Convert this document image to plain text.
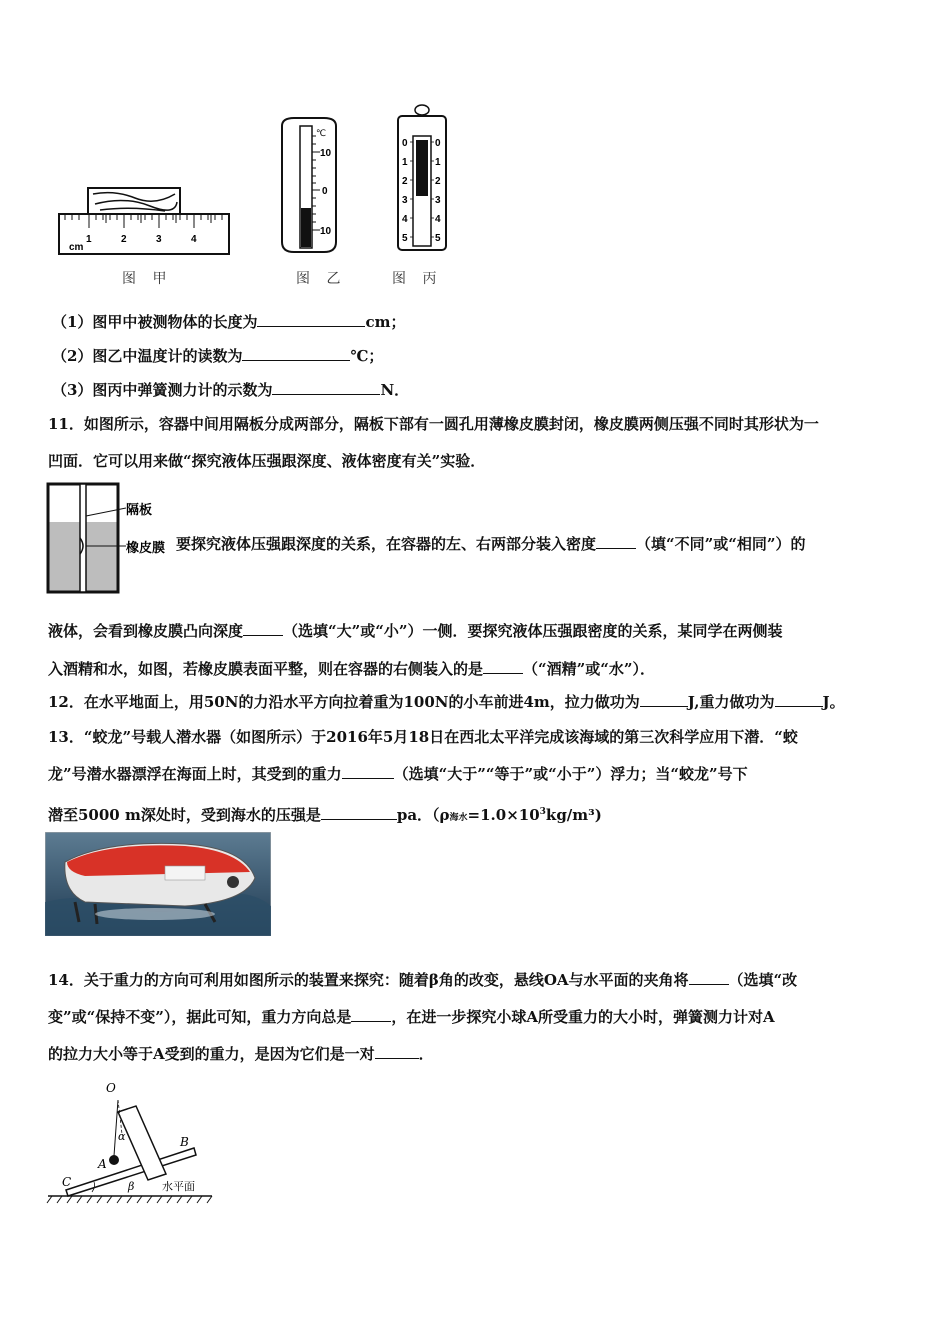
cm
1	2	3	4
图 甲
℃
10
0
10
图 乙
0
1
2
3
4
5
0
1
2
3
4
5
图 丙
（1）图甲中被测物体的长度为	cm；
（2）图乙中温度计的读数为	℃；
（3）图丙中弹簧测力计的示数为	N．
11．如图所示，容器中间用隔板分成两部分，隔板下部有一圆孔用薄橡皮膜封闭，橡皮膜两侧压强不同时其形状为一
凹面．它可以用来做“探究液体压强跟深度、液体密度有关”实验．
隔板
橡皮膜 要探究液体压强跟深度的关系，在容器的左、右两部分装入密度	（填“不同”或“相同”）的
液体，会看到橡皮膜凸向深度	（选填“大”或“小”）一侧．要探究液体压强跟密度的关系，某同学在两侧装
入酒精和水，如图，若橡皮膜表面平整，则在容器的右侧装入的是	（“酒精”或“水”）．
12．在水平地面上，用50N的力沿水平方向拉着重为100N的小车前进4m，拉力做功为	J,重力做功为	J。
13．“蛟龙”号载人潜水器（如图所示）于2016年5月18日在西北太平洋完成该海域的第三次科学应用下潜．“蛟
龙”号潜水器漂浮在海面上时，其受到的重力	（选填“大于”“等于”或“小于”）浮力；当“蛟龙”号下
潜至5000 m深处时，受到海水的压强是	pa．（ρ海水$=1.0\times 10^3kg/m^3$)
14．关于重力的方向可利用如图所示的装置来探究：随着β角的改变，悬线OA与水平面的夹角将	（选填“改
变”或“保持不变”），据此可知，重力方向总是	，在进一步探究小球A所受重力的大小时，弹簧测力计对A
的拉力大小等于A受到的重力，是因为它们是一对	．
O
α
A
B
C	β	水平面
